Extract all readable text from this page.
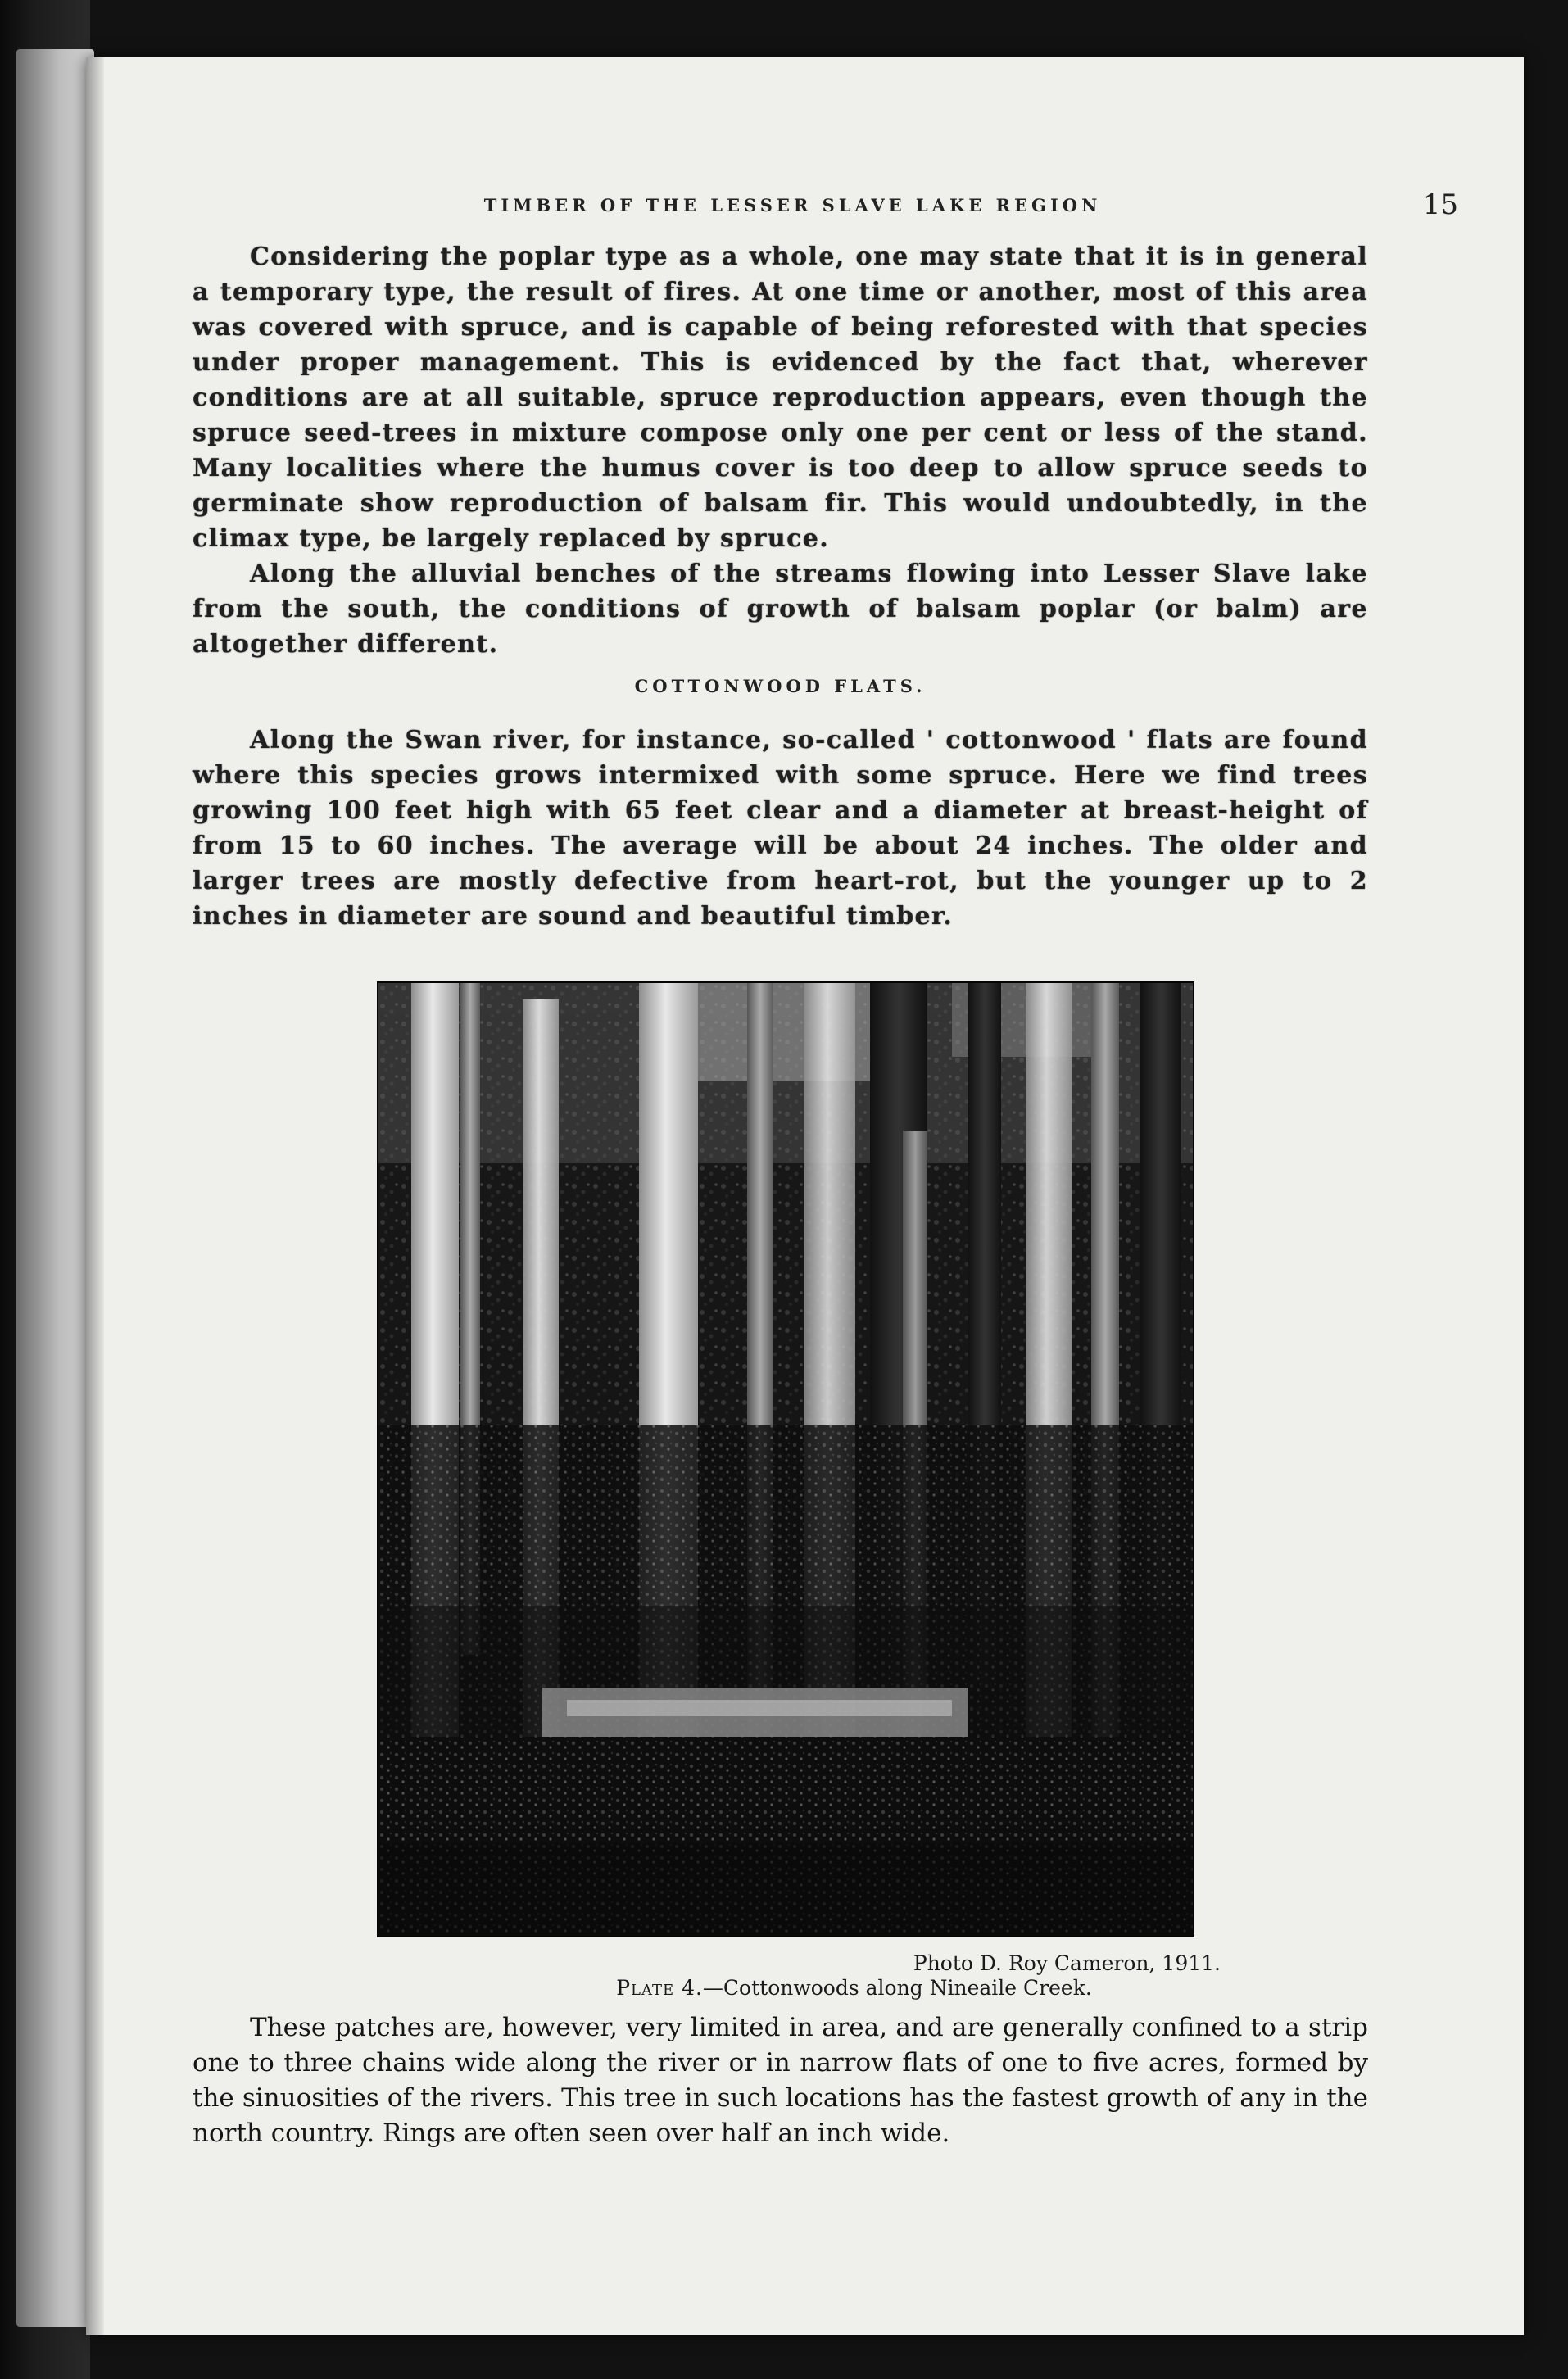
TIMBER OF THE LESSER SLAVE LAKE REGION	15

Considering the poplar type as a whole, one may state that it is in general a temporary type, the result of fires. At one time or another, most of this area was covered with spruce, and is capable of being reforested with that species under proper management. This is evidenced by the fact that, wherever conditions are at all suitable, spruce reproduction appears, even though the spruce seed-trees in mixture compose only one per cent or less of the stand. Many localities where the humus cover is too deep to allow spruce seeds to germinate show reproduction of balsam fir. This would undoubtedly, in the climax type, be largely replaced by spruce.

Along the alluvial benches of the streams flowing into Lesser Slave lake from the south, the conditions of growth of balsam poplar (or balm) are altogether different.

COTTONWOOD FLATS.

Along the Swan river, for instance, so-called ' cottonwood ' flats are found where this species grows intermixed with some spruce. Here we find trees growing 100 feet high with 65 feet clear and a diameter at breast-height of from 15 to 60 inches. The average will be about 24 inches. The older and larger trees are mostly defective from heart-rot, but the younger up to 2 inches in diameter are sound and beautiful timber.

Photo D. Roy Cameron, 1911.
Plate 4.—Cottonwoods along Nineaile Creek.

These patches are, however, very limited in area, and are generally confined to a strip one to three chains wide along the river or in narrow flats of one to five acres, formed by the sinuosities of the rivers. This tree in such locations has the fastest growth of any in the north country. Rings are often seen over half an inch wide.
